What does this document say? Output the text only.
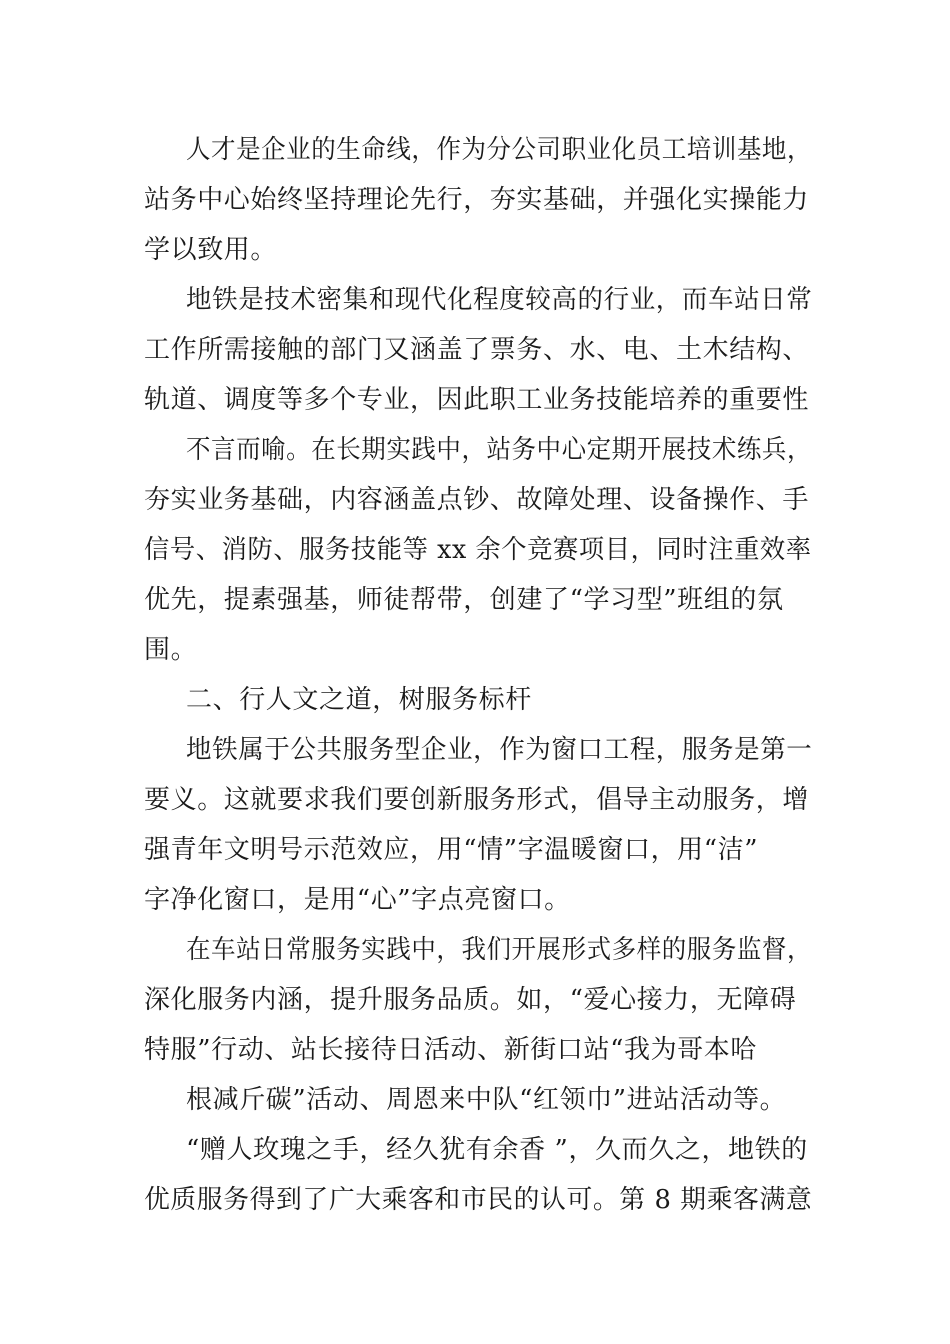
人才是企业的生命线，作为分公司职业化员工培训基地，
站务中心始终坚持理论先行，夯实基础，并强化实操能力
学以致用。
地铁是技术密集和现代化程度较高的行业，而车站日常
工作所需接触的部门又涵盖了票务、水、电、土木结构、
轨道、调度等多个专业，因此职工业务技能培养的重要性
不言而喻。在长期实践中，站务中心定期开展技术练兵，
夯实业务基础，内容涵盖点钞、故障处理、设备操作、手
信号、消防、服务技能等 xx 余个竞赛项目，同时注重效率
优先，提素强基，师徒帮带，创建了“学习型”班组的氛
围。
二、行人文之道，树服务标杆
地铁属于公共服务型企业，作为窗口工程，服务是第一
要义。这就要求我们要创新服务形式，倡导主动服务，增
强青年文明号示范效应，用“情”字温暖窗口，用“洁”
字净化窗口，是用“心”字点亮窗口。
在车站日常服务实践中，我们开展形式多样的服务监督，
深化服务内涵，提升服务品质。如，“爱心接力，无障碍
特服”行动、站长接待日活动、新街口站“我为哥本哈
根减斤碳”活动、周恩来中队“红领巾”进站活动等。
“赠人玫瑰之手，经久犹有余香 ”，久而久之，地铁的
优质服务得到了广大乘客和市民的认可。第 8 期乘客满意
